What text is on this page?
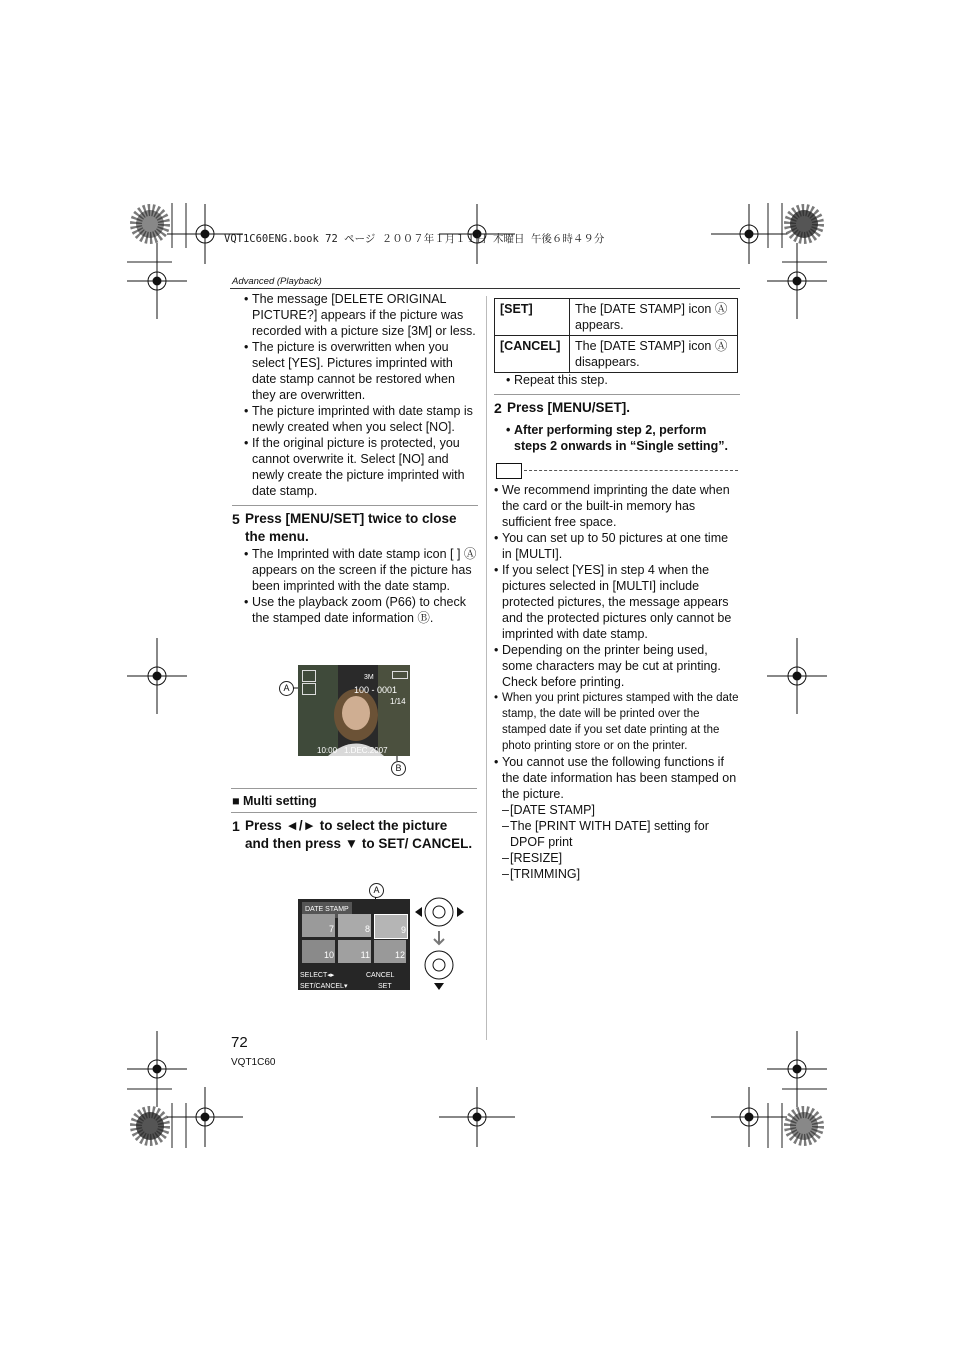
VQT1C60ENG.book 72 ページ ２００７年１月１１日 木曜日 午後６時４９分
Advanced (Playback)
• The message [DELETE ORIGINAL PICTURE?] appears if the picture was recorded with a picture size [3M] or less.
• The picture is overwritten when you select [YES]. Pictures imprinted with date stamp cannot be restored when they are overwritten.
• The picture imprinted with date stamp is newly created when you select [NO].
• If the original picture is protected, you cannot overwrite it. Select [NO] and newly create the picture imprinted with date stamp.
5 Press [MENU/SET] twice to close the menu.
• The Imprinted with date stamp icon [ ] Ⓐ appears on the screen if the picture has been imprinted with the date stamp.
• Use the playback zoom (P66) to check the stamped date information Ⓑ.
A
B
3M
100 - 0001
1/14
10:00 1.DEC.2007
■ Multi setting
1 Press ◄/► to select the picture and then press ▼ to SET/ CANCEL.
A
DATE STAMP
7	8	9
10	11	12
SELECT◂▸	CANCEL
SET/CANCEL▾	SET
[SET]	The [DATE STAMP] icon Ⓐ appears.
[CANCEL]	The [DATE STAMP] icon Ⓐ disappears.
• Repeat this step.
2 Press [MENU/SET].
• After performing step 2, perform steps 2 onwards in “Single setting”.
• We recommend imprinting the date when the card or the built-in memory has sufficient free space.
• You can set up to 50 pictures at one time in [MULTI].
• If you select [YES] in step 4 when the pictures selected in [MULTI] include protected pictures, the message appears and the protected pictures only cannot be imprinted with date stamp.
• Depending on the printer being used, some characters may be cut at printing. Check before printing.
• When you print pictures stamped with the date stamp, the date will be printed over the stamped date if you set date printing at the photo printing store or on the printer.
• You cannot use the following functions if the date information has been stamped on the picture.
– [DATE STAMP]
– The [PRINT WITH DATE] setting for DPOF print
– [RESIZE]
– [TRIMMING]
72
VQT1C60
